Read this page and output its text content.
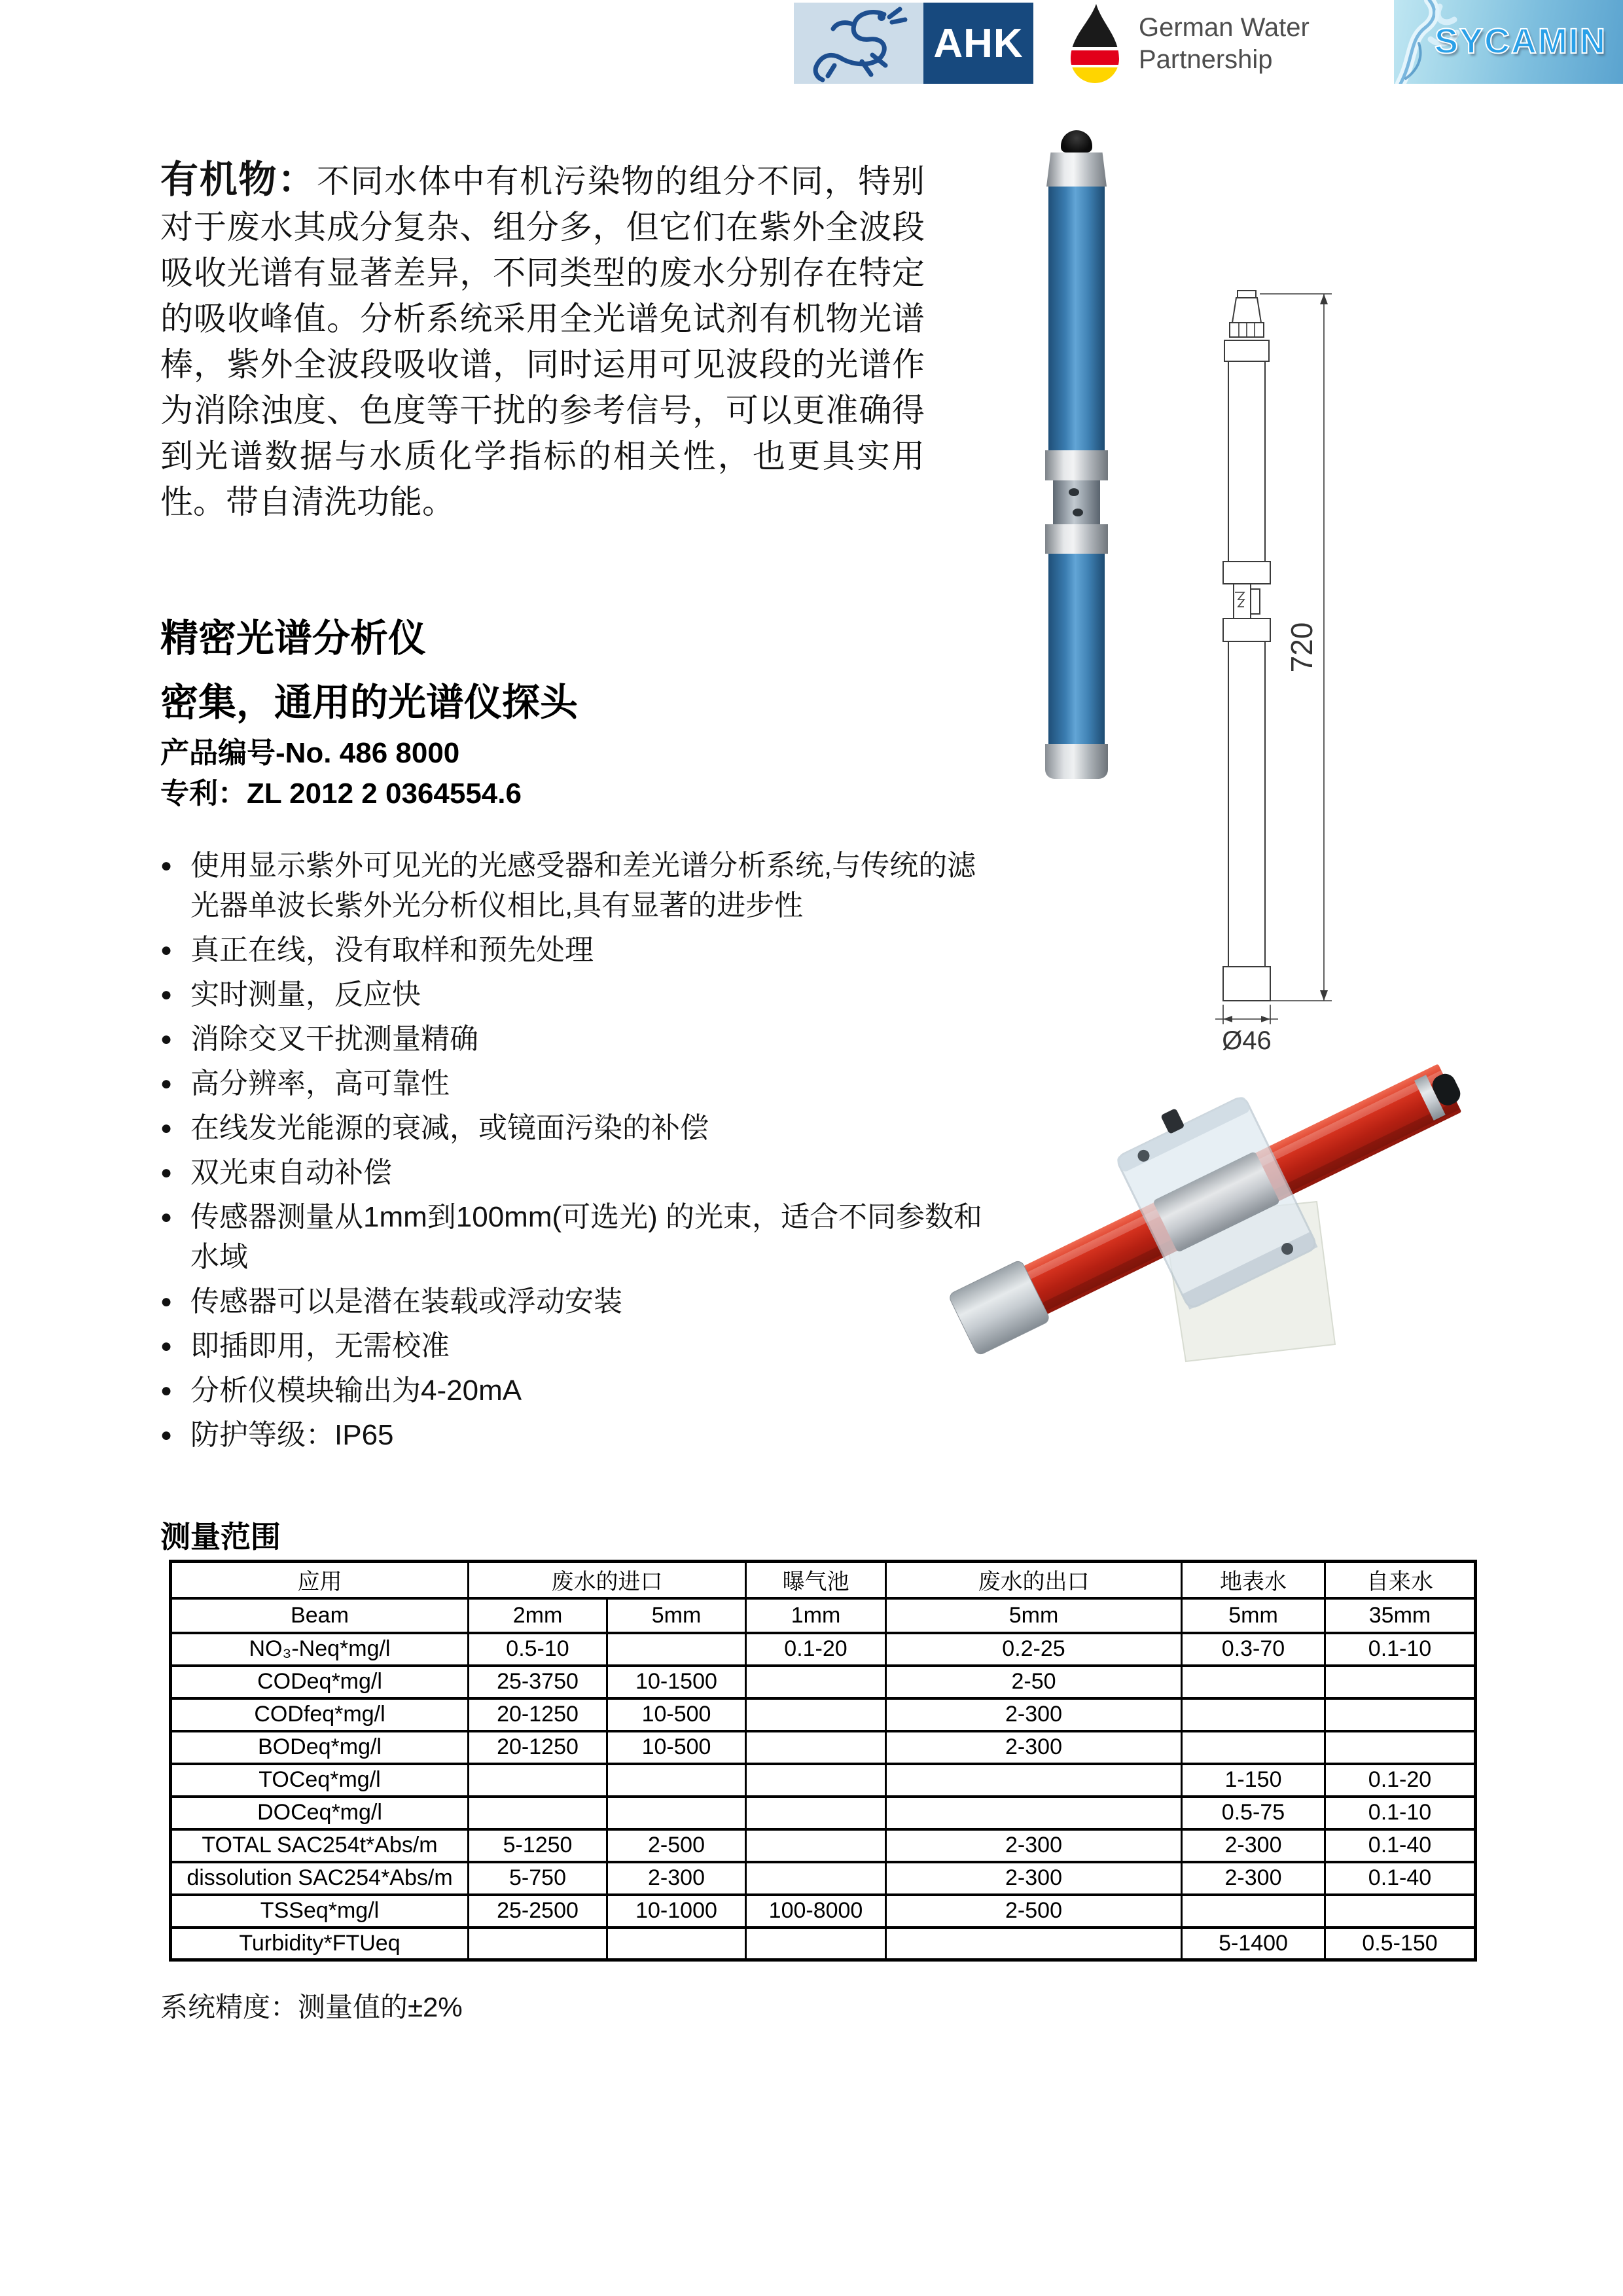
AHK	German Water
Partnership	SYCAMIN
有机物：不同水体中有机污染物的组分不同，特别对于废水其成分复杂、组分多，但它们在紫外全波段吸收光谱有显著差异，不同类型的废水分别存在特定的吸收峰值。分析系统采用全光谱免试剂有机物光谱棒，紫外全波段吸收谱，同时运用可见波段的光谱作为消除浊度、色度等干扰的参考信号，可以更准确得到光谱数据与水质化学指标的相关性，也更具实用性。带自清洗功能。
720
Ø46
精密光谱分析仪
密集，通用的光谱仪探头
产品编号-No. 486 8000
专利：ZL 2012 2 0364554.6
● 使用显示紫外可见光的光感受器和差光谱分析系统,与传统的滤光器单波长紫外光分析仪相比,具有显著的进步性
● 真正在线，没有取样和预先处理
● 实时测量，反应快
● 消除交叉干扰测量精确
● 高分辨率，高可靠性
● 在线发光能源的衰减，或镜面污染的补偿
● 双光束自动补偿
● 传感器测量从1mm到100mm(可选光) 的光束，适合不同参数和水域
● 传感器可以是潜在装载或浮动安装
● 即插即用，无需校准
● 分析仪模块输出为4-20mA
● 防护等级：IP65
测量范围
应用	废水的进口		曝气池	废水的出口	地表水	自来水
Beam	2mm	5mm	1mm	5mm	5mm	35mm
NO₃-Neq*mg/l	0.5-10		0.1-20	0.2-25	0.3-70	0.1-10
CODeq*mg/l	25-3750	10-1500		2-50		
CODfeq*mg/l	20-1250	10-500		2-300		
BODeq*mg/l	20-1250	10-500		2-300		
TOCeq*mg/l					1-150	0.1-20
DOCeq*mg/l					0.5-75	0.1-10
TOTAL SAC254t*Abs/m	5-1250	2-500		2-300	2-300	0.1-40
dissolution SAC254*Abs/m	5-750	2-300		2-300	2-300	0.1-40
TSSeq*mg/l	25-2500	10-1000	100-8000	2-500		
Turbidity*FTUeq					5-1400	0.5-150
系统精度：测量值的±2%
